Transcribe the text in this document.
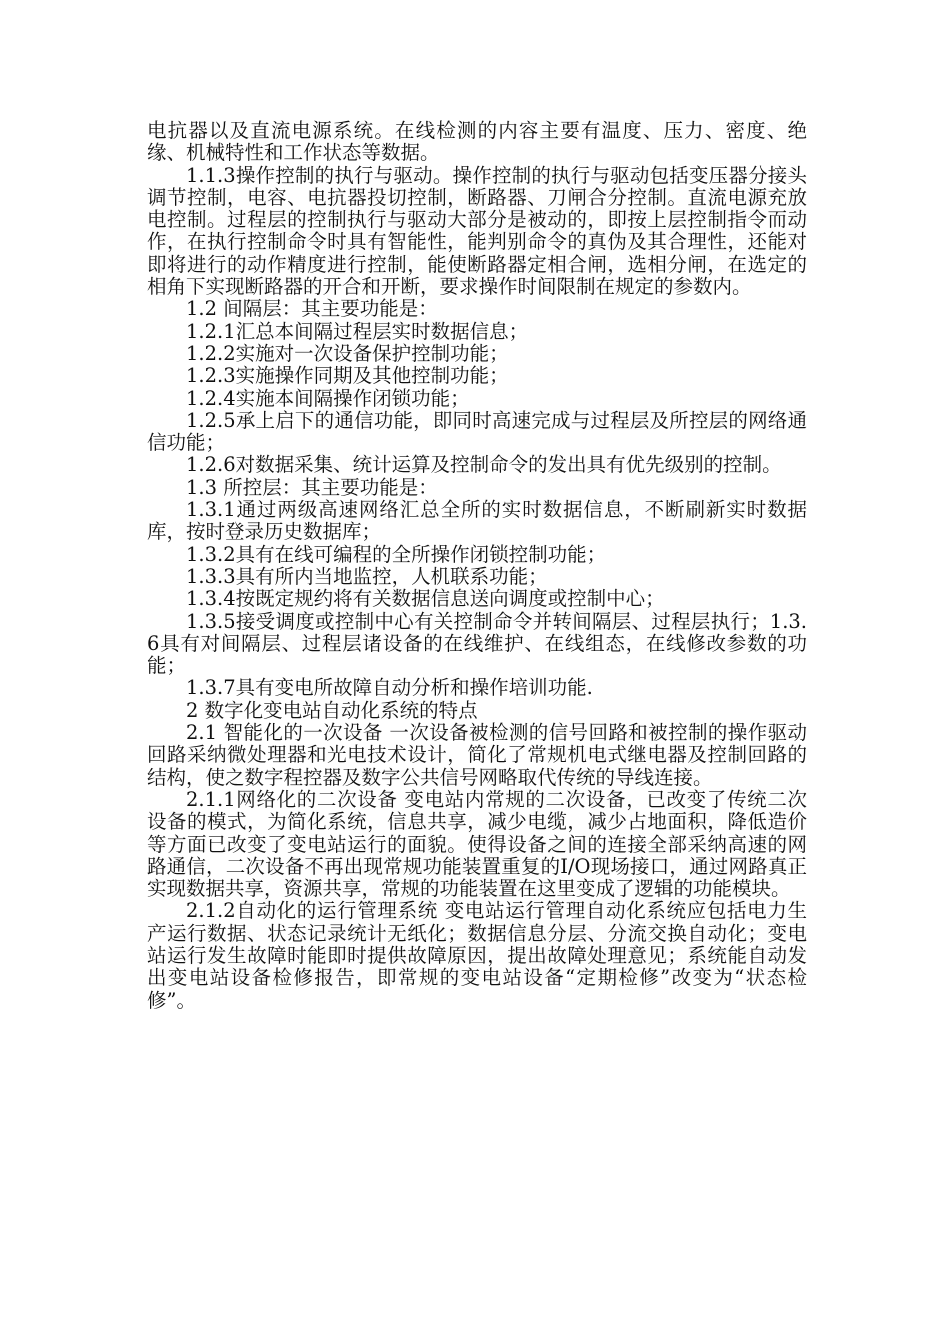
电抗器以及直流电源系统。在线检测的内容主要有温度、压力、密度、绝缘、机械特性和工作状态等数据。

1.1.3操作控制的执行与驱动。操作控制的执行与驱动包括变压器分接头调节控制，电容、电抗器投切控制，断路器、刀闸合分控制。直流电源充放电控制。过程层的控制执行与驱动大部分是被动的，即按上层控制指令而动作，在执行控制命令时具有智能性，能判别命令的真伪及其合理性，还能对即将进行的动作精度进行控制，能使断路器定相合闸，选相分闸，在选定的相角下实现断路器的开合和开断，要求操作时间限制在规定的参数内。

1.2 间隔层：其主要功能是：

1.2.1汇总本间隔过程层实时数据信息；

1.2.2实施对一次设备保护控制功能；

1.2.3实施操作同期及其他控制功能；

1.2.4实施本间隔操作闭锁功能；

1.2.5承上启下的通信功能，即同时高速完成与过程层及所控层的网络通信功能；

1.2.6对数据采集、统计运算及控制命令的发出具有优先级别的控制。

1.3 所控层：其主要功能是：

1.3.1通过两级高速网络汇总全所的实时数据信息，不断刷新实时数据库，按时登录历史数据库；

1.3.2具有在线可编程的全所操作闭锁控制功能；

1.3.3具有所内当地监控，人机联系功能；

1.3.4按既定规约将有关数据信息送向调度或控制中心；

1.3.5接受调度或控制中心有关控制命令并转间隔层、过程层执行；1.3.6具有对间隔层、过程层诸设备的在线维护、在线组态，在线修改参数的功能；

1.3.7具有变电所故障自动分析和操作培训功能.

2 数字化变电站自动化系统的特点

2.1 智能化的一次设备 一次设备被检测的信号回路和被控制的操作驱动回路采纳微处理器和光电技术设计，简化了常规机电式继电器及控制回路的结构，使之数字程控器及数字公共信号网略取代传统的导线连接。

2.1.1网络化的二次设备 变电站内常规的二次设备，已改变了传统二次设备的模式，为简化系统，信息共享，减少电缆，减少占地面积，降低造价等方面已改变了变电站运行的面貌。使得设备之间的连接全部采纳高速的网路通信，二次设备不再出现常规功能装置重复的I/O现场接口，通过网路真正实现数据共享，资源共享，常规的功能装置在这里变成了逻辑的功能模块。

2.1.2自动化的运行管理系统 变电站运行管理自动化系统应包括电力生产运行数据、状态记录统计无纸化；数据信息分层、分流交换自动化；变电站运行发生故障时能即时提供故障原因，提出故障处理意见；系统能自动发出变电站设备检修报告，即常规的变电站设备“定期检修”改变为“状态检修”。
